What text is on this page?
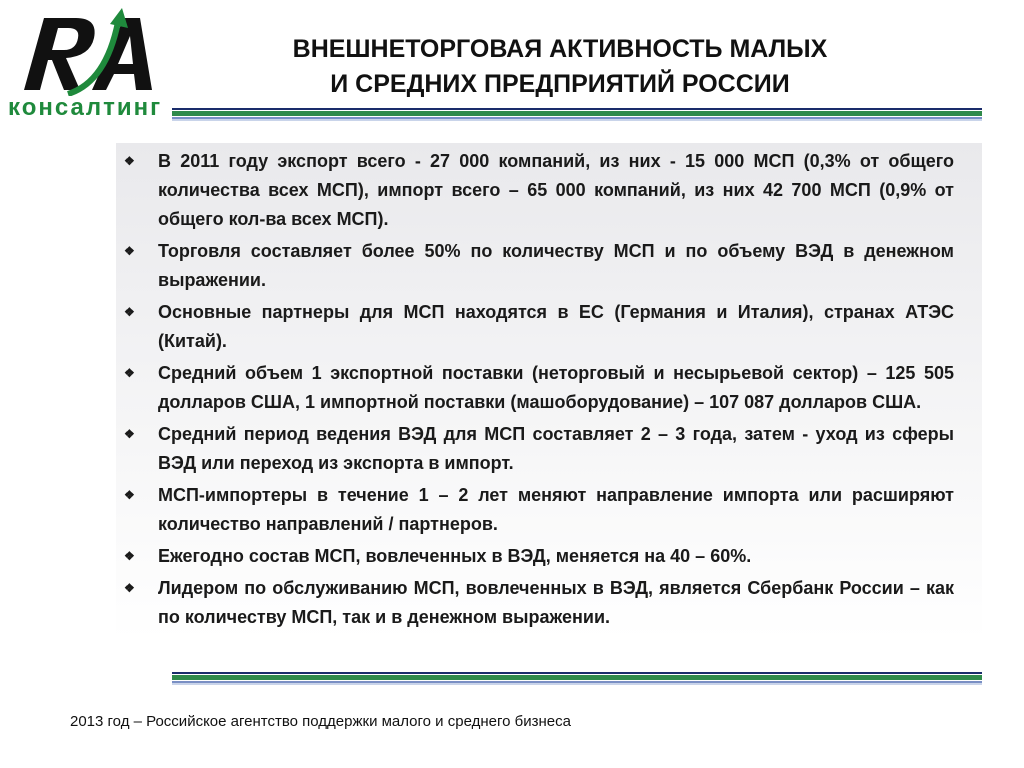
консалтинг
ВНЕШНЕТОРГОВАЯ АКТИВНОСТЬ МАЛЫХ
И СРЕДНИХ ПРЕДПРИЯТИЙ РОССИИ
❖ В 2011 году экспорт всего - 27 000 компаний, из них - 15 000 МСП (0,3% от общего количества всех МСП), импорт всего – 65 000 компаний, из них 42 700 МСП (0,9% от общего кол-ва всех МСП).
❖ Торговля составляет более 50% по количеству МСП и по объему ВЭД в денежном выражении.
❖ Основные партнеры для МСП находятся в ЕС (Германия и Италия), странах АТЭС (Китай).
❖ Средний объем 1 экспортной поставки (неторговый и несырьевой сектор) – 125 505 долларов США, 1 импортной поставки (машоборудование) – 107 087 долларов США.
❖ Средний период ведения ВЭД для МСП составляет 2 – 3 года, затем - уход из сферы ВЭД или переход из экспорта в импорт.
❖ МСП-импортеры в течение 1 – 2 лет меняют направление импорта или расширяют количество направлений / партнеров.
❖ Ежегодно состав МСП, вовлеченных в ВЭД, меняется на 40 – 60%.
❖ Лидером по обслуживанию МСП, вовлеченных в ВЭД, является Сбербанк России – как по количеству МСП, так и в денежном выражении.
2013 год – Российское агентство поддержки малого и среднего бизнеса
